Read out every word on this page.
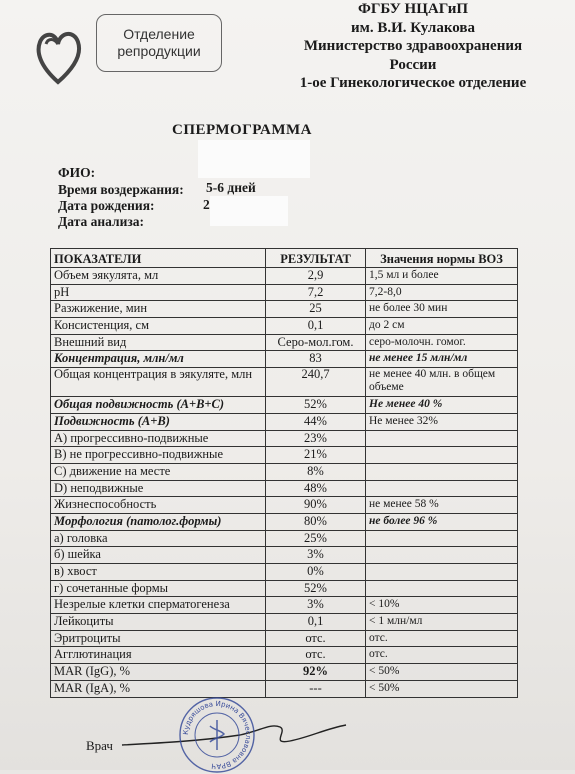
Отделение
репродукции
ФГБУ НЦАГиП
им. В.И. Кулакова
Министерство здравоохранения
России
1-ое Гинекологическое отделение
СПЕРМОГРАММА
ФИО:
Время воздержания: 5-6 дней
Дата рождения:	2
Дата анализа:
ПОКАЗАТЕЛИ	РЕЗУЛЬТАТ	Значения нормы ВОЗ
Объем эякулята, мл	2,9	1,5 мл и более
pH	7,2	7,2-8,0
Разжижение, мин	25	не более 30 мин
Консистенция, см	0,1	до 2 см
Внешний вид	Серо-мол.гом.	серо-молочн. гомог.
Концентрация, млн/мл	83	не менее 15 млн/мл
Общая концентрация в эякуляте, млн	240,7	не менее 40 млн. в общем объеме
Общая подвижность (A+B+C)	52%	Не менее 40 %
Подвижность (A+B)	44%	Не менее 32%
A) прогрессивно-подвижные	23%	
B) не прогрессивно-подвижные	21%	
C) движение на месте	8%	
D) неподвижные	48%	
Жизнеспособность	90%	не менее 58 %
Морфология (патолог.формы)	80%	не более 96 %
а) головка	25%	
б) шейка	3%	
в) хвост	0%	
г) сочетанные формы	52%	
Незрелые клетки сперматогенеза	3%	< 10%
Лейкоциты	0,1	< 1 млн/мл
Эритроциты	отс.	отс.
Агглютинация	отс.	отс.
MAR (IgG), %	92%	< 50%
MAR (IgA), %	---	< 50%
Врач
Кудряшова Ирина Вячеславовна ВРАЧ
